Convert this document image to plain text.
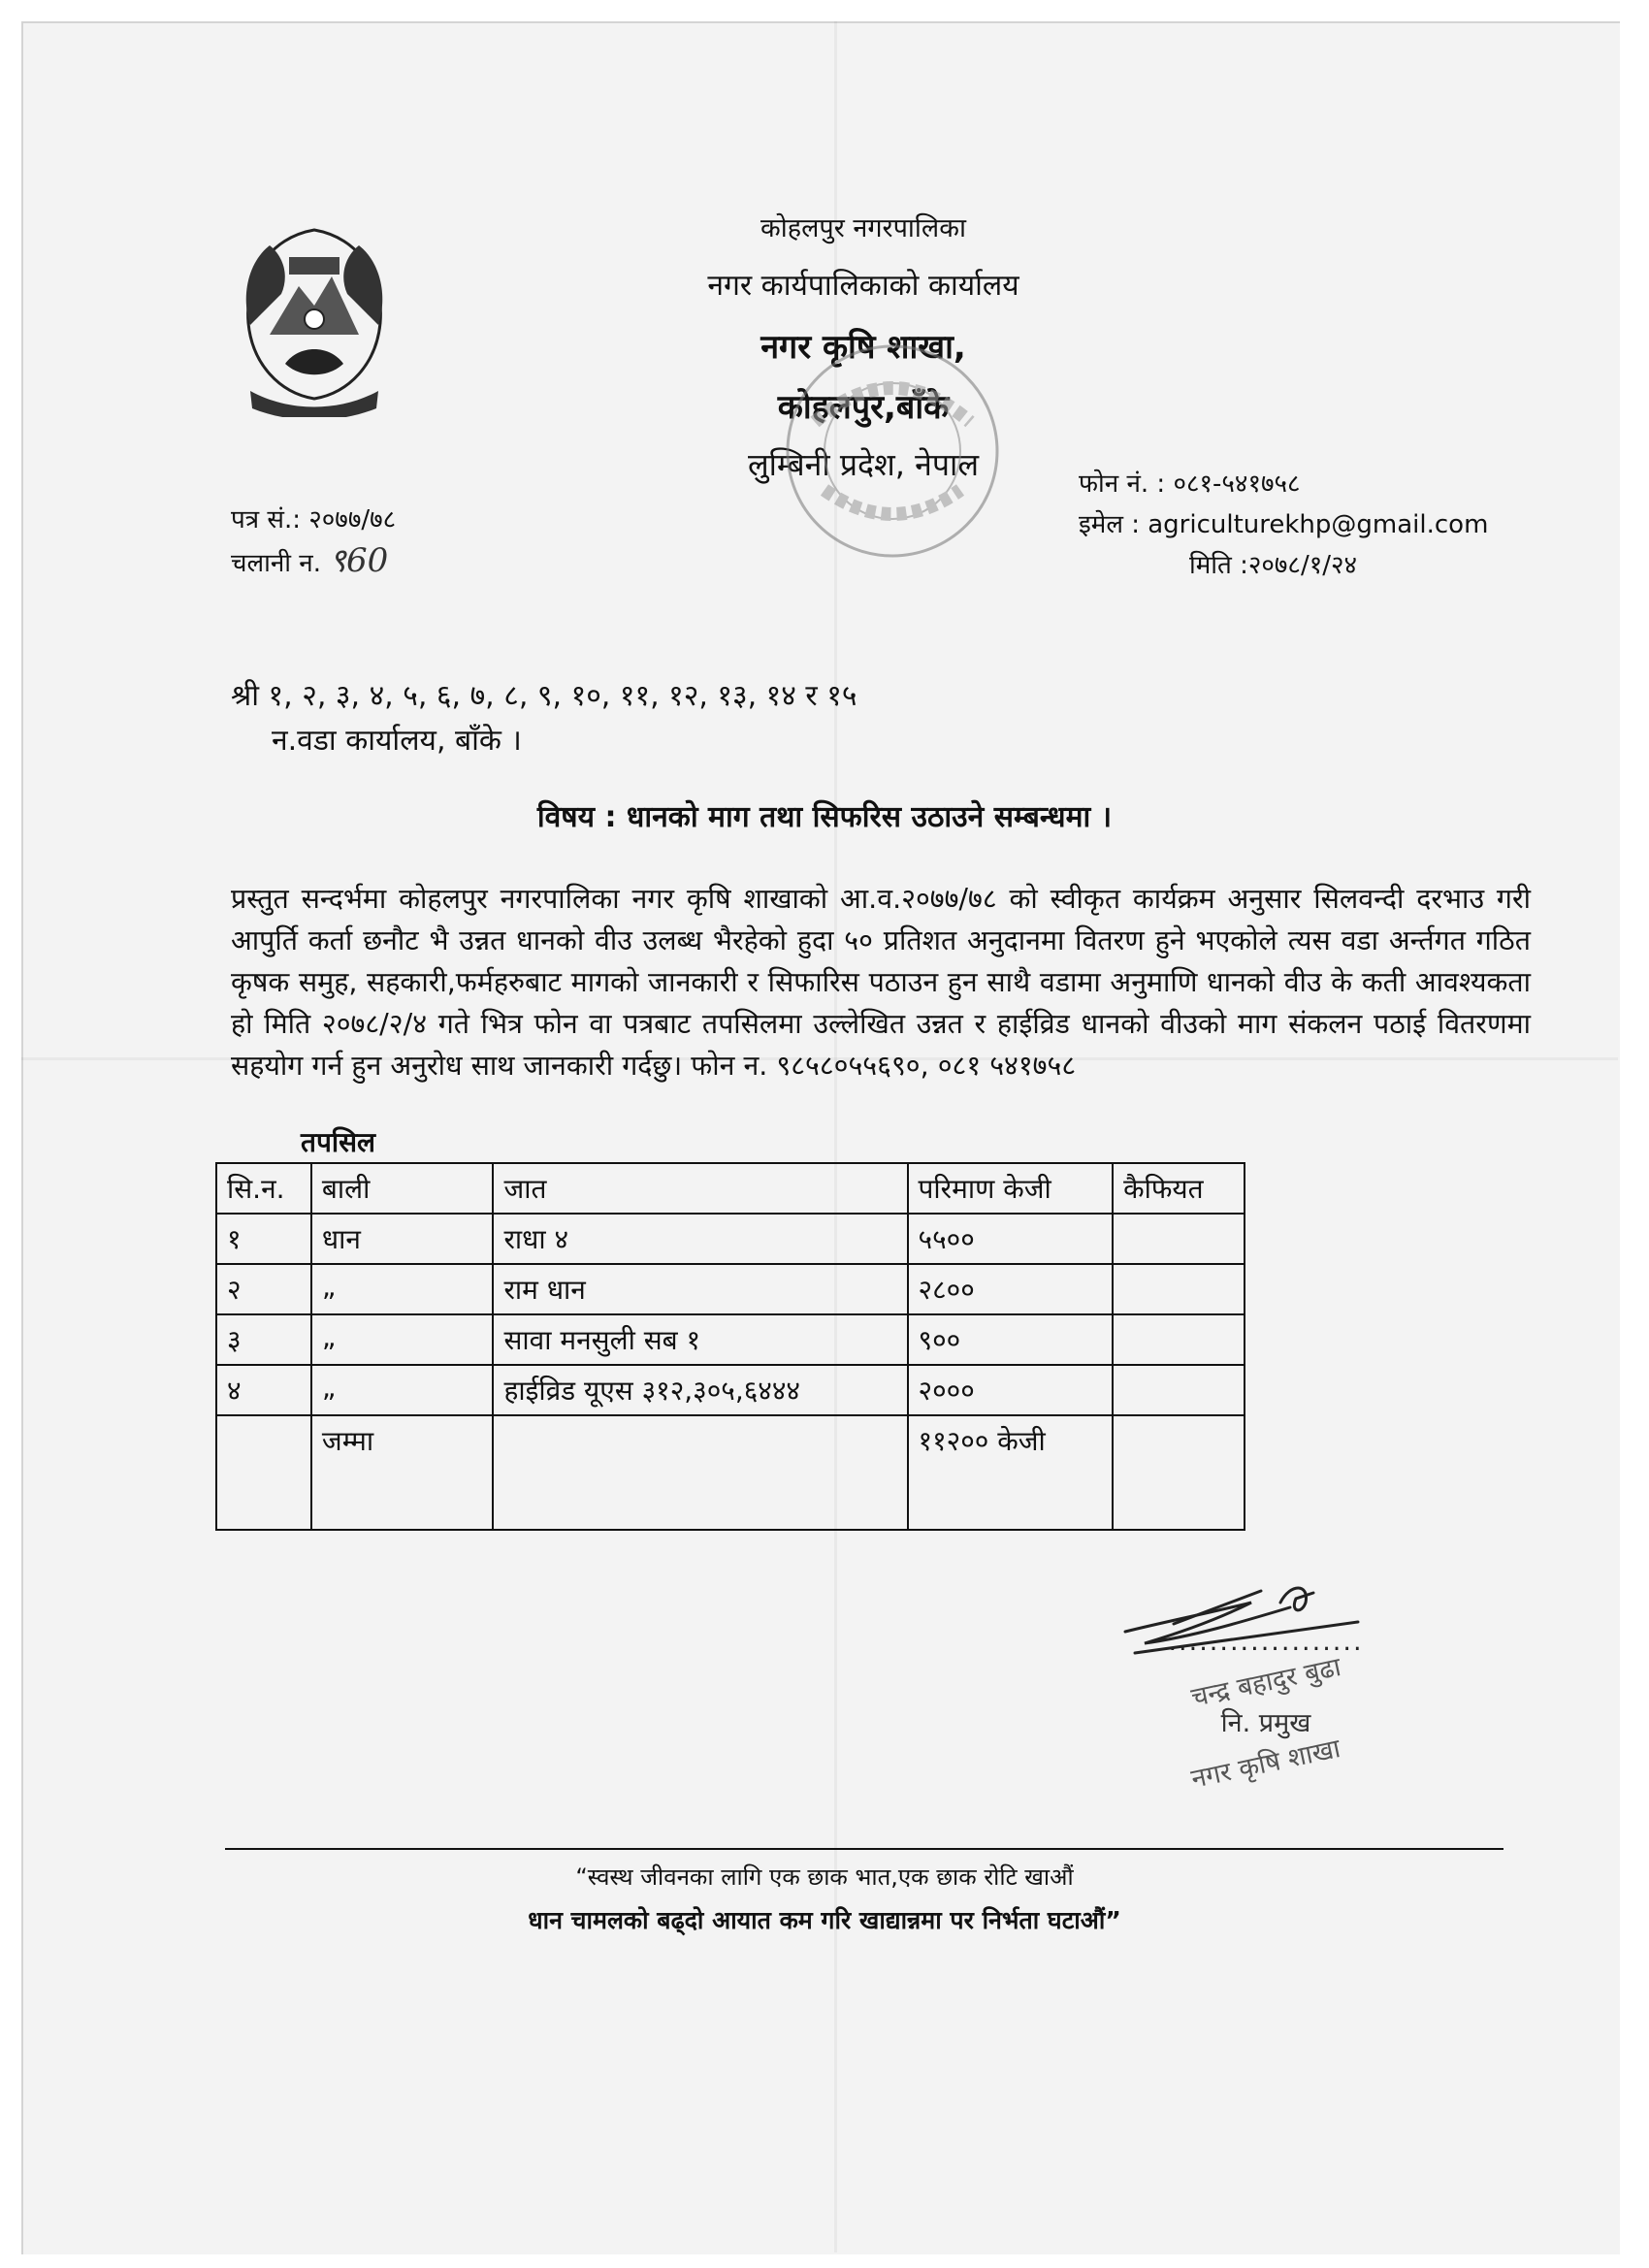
कोहलपुर नगरपालिका
नगर कार्यपालिकाको कार्यालय
नगर कृषि शाखा,
कोहलपुर,बाँके
लुम्बिनी प्रदेश, नेपाल
फोन नं. : ०८१-५४१७५८
इमेल : agriculturekhp@gmail.com
मिति :२०७८/१/२४
पत्र सं.: २०७७/७८
चलानी न. ९60
श्री १, २, ३, ४, ५, ६, ७, ८, ९, १०, ११, १२, १३, १४ र १५
न.वडा कार्यालय, बाँके ।
विषय : धानको माग तथा सिफरिस उठाउने सम्बन्धमा ।

प्रस्तुत सन्दर्भमा कोहलपुर नगरपालिका नगर कृषि शाखाको आ.व.२०७७/७८ को स्वीकृत कार्यक्रम अनुसार सिलवन्दी दरभाउ गरी आपुर्ति कर्ता छनौट भै उन्नत धानको वीउ उलब्ध भैरहेको हुदा ५० प्रतिशत अनुदानमा वितरण हुने भएकोले त्यस वडा अर्न्तगत गठित कृषक समुह, सहकारी,फर्महरुबाट मागको जानकारी र सिफारिस पठाउन हुन साथै वडामा अनुमाणि धानको वीउ के कती आवश्यकता हो मिति २०७८/२/४ गते भित्र फोन वा पत्रबाट तपसिलमा उल्लेखित उन्नत र हाईव्रिड धानको वीउको माग संकलन पठाई वितरणमा सहयोग गर्न हुन अनुरोध साथ जानकारी गर्दछु। फोन न. ९८५८०५५६९०, ०८१ ५४१७५८

तपसिल
सि.न.	बाली	जात	परिमाण केजी	कैफियत
१	धान	राधा ४	५५००	
२	„	राम धान	२८००	
३	„	सावा मनसुली सब १	९००	
४	„	हाईव्रिड यूएस ३१२,३०५,६४४४	२०००	
	जम्मा		११२०० केजी	
...................
चन्द्र बहादुर बुढा
नि. प्रमुख
नगर कृषि शाखा
“स्वस्थ जीवनका लागि एक छाक भात,एक छाक रोटि खाऔं
धान चामलको बढ्दो आयात कम गरि खाद्यान्नमा पर निर्भता घटाऔं”
